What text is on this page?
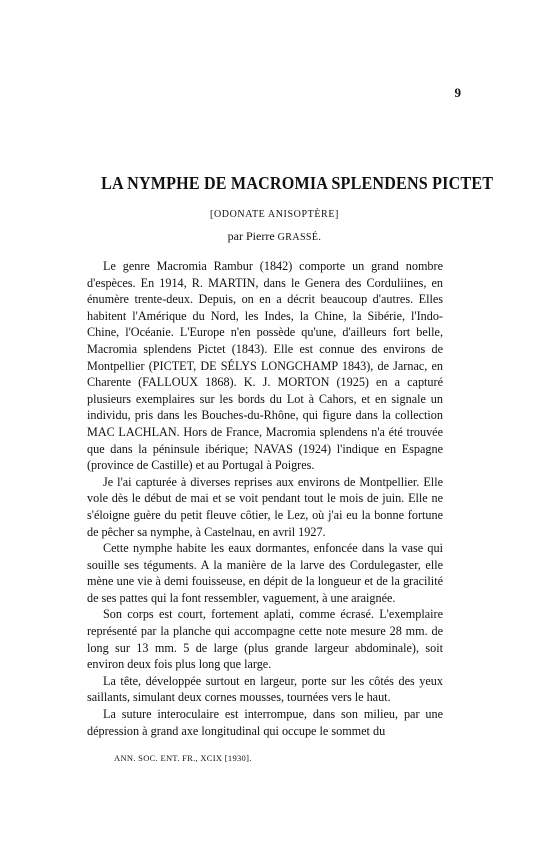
9
LA NYMPHE DE MACROMIA SPLENDENS PICTET
[ODONATE ANISOPTÈRE]
par Pierre GRASSÉ.

Le genre Macromia Rambur (1842) comporte un grand nombre d'espèces. En 1914, R. MARTIN, dans le Genera des Corduliines, en énumère trente-deux. Depuis, on en a décrit beaucoup d'autres. Elles habitent l'Amérique du Nord, les Indes, la Chine, la Sibérie, l'Indo-Chine, l'Océanie. L'Europe n'en possède qu'une, d'ailleurs fort belle, Macromia splendens Pictet (1843). Elle est connue des environs de Montpellier (PICTET, DE SÉLYS LONGCHAMP 1843), de Jarnac, en Charente (FALLOUX 1868). K. J. MORTON (1925) en a capturé plusieurs exemplaires sur les bords du Lot à Cahors, et en signale un individu, pris dans les Bouches-du-Rhône, qui figure dans la collection MAC LACHLAN. Hors de France, Macromia splendens n'a été trouvée que dans la péninsule ibérique; NAVAS (1924) l'indique en Espagne (province de Castille) et au Portugal à Poigres.

Je l'ai capturée à diverses reprises aux environs de Montpellier. Elle vole dès le début de mai et se voit pendant tout le mois de juin. Elle ne s'éloigne guère du petit fleuve côtier, le Lez, où j'ai eu la bonne fortune de pêcher sa nymphe, à Castelnau, en avril 1927.

Cette nymphe habite les eaux dormantes, enfoncée dans la vase qui souille ses téguments. A la manière de la larve des Cordulegaster, elle mène une vie à demi fouisseuse, en dépit de la longueur et de la gracilité de ses pattes qui la font ressembler, vaguement, à une araignée.

Son corps est court, fortement aplati, comme écrasé. L'exemplaire représenté par la planche qui accompagne cette note mesure 28 mm. de long sur 13 mm. 5 de large (plus grande largeur abdominale), soit environ deux fois plus long que large.

La tête, développée surtout en largeur, porte sur les côtés des yeux saillants, simulant deux cornes mousses, tournées vers le haut.

La suture interoculaire est interrompue, dans son milieu, par une dépression à grand axe longitudinal qui occupe le sommet du

ANN. SOC. ENT. FR., XCIX [1930].
